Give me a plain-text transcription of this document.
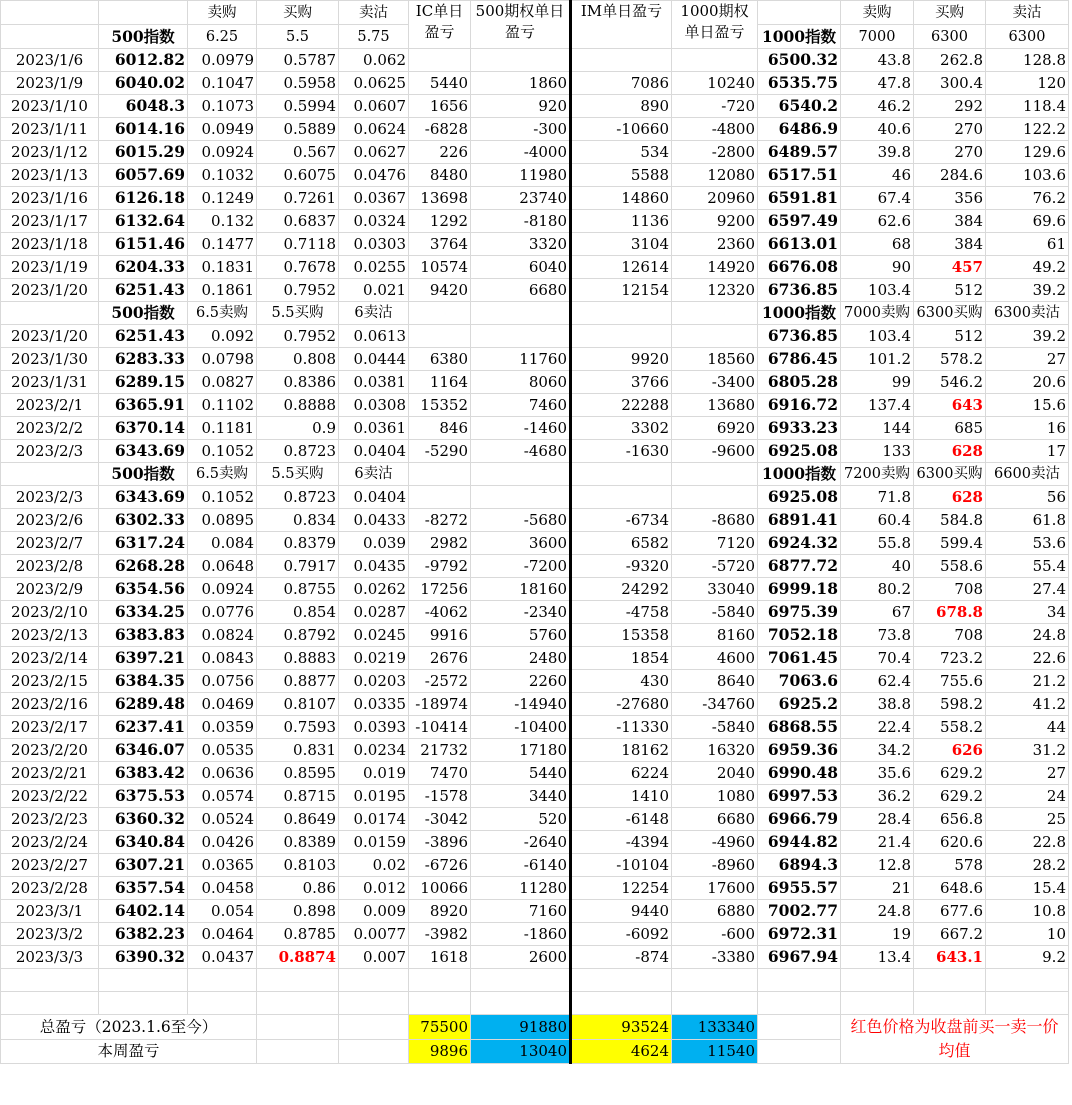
		卖购	买购	卖沽	IC单日盈亏	500期权单日盈亏	IM单日盈亏	1000期权单日盈亏		卖购	买购	卖沽
	500指数	6.25	5.5	5.75					1000指数	7000	6300	6300
2023/1/6	6012.82	0.0979	0.5787	0.062					6500.32	43.8	262.8	128.8
2023/1/9	6040.02	0.1047	0.5958	0.0625	5440	1860	7086	10240	6535.75	47.8	300.4	120
2023/1/10	6048.3	0.1073	0.5994	0.0607	1656	920	890	-720	6540.2	46.2	292	118.4
2023/1/11	6014.16	0.0949	0.5889	0.0624	-6828	-300	-10660	-4800	6486.9	40.6	270	122.2
2023/1/12	6015.29	0.0924	0.567	0.0627	226	-4000	534	-2800	6489.57	39.8	270	129.6
2023/1/13	6057.69	0.1032	0.6075	0.0476	8480	11980	5588	12080	6517.51	46	284.6	103.6
2023/1/16	6126.18	0.1249	0.7261	0.0367	13698	23740	14860	20960	6591.81	67.4	356	76.2
2023/1/17	6132.64	0.132	0.6837	0.0324	1292	-8180	1136	9200	6597.49	62.6	384	69.6
2023/1/18	6151.46	0.1477	0.7118	0.0303	3764	3320	3104	2360	6613.01	68	384	61
2023/1/19	6204.33	0.1831	0.7678	0.0255	10574	6040	12614	14920	6676.08	90	457	49.2
2023/1/20	6251.43	0.1861	0.7952	0.021	9420	6680	12154	12320	6736.85	103.4	512	39.2
	500指数	6.5卖购	5.5买购	6卖沽					1000指数	7000卖购	6300买购	6300卖沽
2023/1/20	6251.43	0.092	0.7952	0.0613					6736.85	103.4	512	39.2
2023/1/30	6283.33	0.0798	0.808	0.0444	6380	11760	9920	18560	6786.45	101.2	578.2	27
2023/1/31	6289.15	0.0827	0.8386	0.0381	1164	8060	3766	-3400	6805.28	99	546.2	20.6
2023/2/1	6365.91	0.1102	0.8888	0.0308	15352	7460	22288	13680	6916.72	137.4	643	15.6
2023/2/2	6370.14	0.1181	0.9	0.0361	846	-1460	3302	6920	6933.23	144	685	16
2023/2/3	6343.69	0.1052	0.8723	0.0404	-5290	-4680	-1630	-9600	6925.08	133	628	17
	500指数	6.5卖购	5.5买购	6卖沽					1000指数	7200卖购	6300买购	6600卖沽
2023/2/3	6343.69	0.1052	0.8723	0.0404					6925.08	71.8	628	56
2023/2/6	6302.33	0.0895	0.834	0.0433	-8272	-5680	-6734	-8680	6891.41	60.4	584.8	61.8
2023/2/7	6317.24	0.084	0.8379	0.039	2982	3600	6582	7120	6924.32	55.8	599.4	53.6
2023/2/8	6268.28	0.0648	0.7917	0.0435	-9792	-7200	-9320	-5720	6877.72	40	558.6	55.4
2023/2/9	6354.56	0.0924	0.8755	0.0262	17256	18160	24292	33040	6999.18	80.2	708	27.4
2023/2/10	6334.25	0.0776	0.854	0.0287	-4062	-2340	-4758	-5840	6975.39	67	678.8	34
2023/2/13	6383.83	0.0824	0.8792	0.0245	9916	5760	15358	8160	7052.18	73.8	708	24.8
2023/2/14	6397.21	0.0843	0.8883	0.0219	2676	2480	1854	4600	7061.45	70.4	723.2	22.6
2023/2/15	6384.35	0.0756	0.8877	0.0203	-2572	2260	430	8640	7063.6	62.4	755.6	21.2
2023/2/16	6289.48	0.0469	0.8107	0.0335	-18974	-14940	-27680	-34760	6925.2	38.8	598.2	41.2
2023/2/17	6237.41	0.0359	0.7593	0.0393	-10414	-10400	-11330	-5840	6868.55	22.4	558.2	44
2023/2/20	6346.07	0.0535	0.831	0.0234	21732	17180	18162	16320	6959.36	34.2	626	31.2
2023/2/21	6383.42	0.0636	0.8595	0.019	7470	5440	6224	2040	6990.48	35.6	629.2	27
2023/2/22	6375.53	0.0574	0.8715	0.0195	-1578	3440	1410	1080	6997.53	36.2	629.2	24
2023/2/23	6360.32	0.0524	0.8649	0.0174	-3042	520	-6148	6680	6966.79	28.4	656.8	25
2023/2/24	6340.84	0.0426	0.8389	0.0159	-3896	-2640	-4394	-4960	6944.82	21.4	620.6	22.8
2023/2/27	6307.21	0.0365	0.8103	0.02	-6726	-6140	-10104	-8960	6894.3	12.8	578	28.2
2023/2/28	6357.54	0.0458	0.86	0.012	10066	11280	12254	17600	6955.57	21	648.6	15.4
2023/3/1	6402.14	0.054	0.898	0.009	8920	7160	9440	6880	7002.77	24.8	677.6	10.8
2023/3/2	6382.23	0.0464	0.8785	0.0077	-3982	-1860	-6092	-600	6972.31	19	667.2	10
2023/3/3	6390.32	0.0437	0.8874	0.007	1618	2600	-874	-3380	6967.94	13.4	643.1	9.2

总盈亏（2023.1.6至今）					75500	91880	93524	133340		红色价格为收盘前买一卖一价均值		
本周盈亏					9896	13040	4624	11540				
